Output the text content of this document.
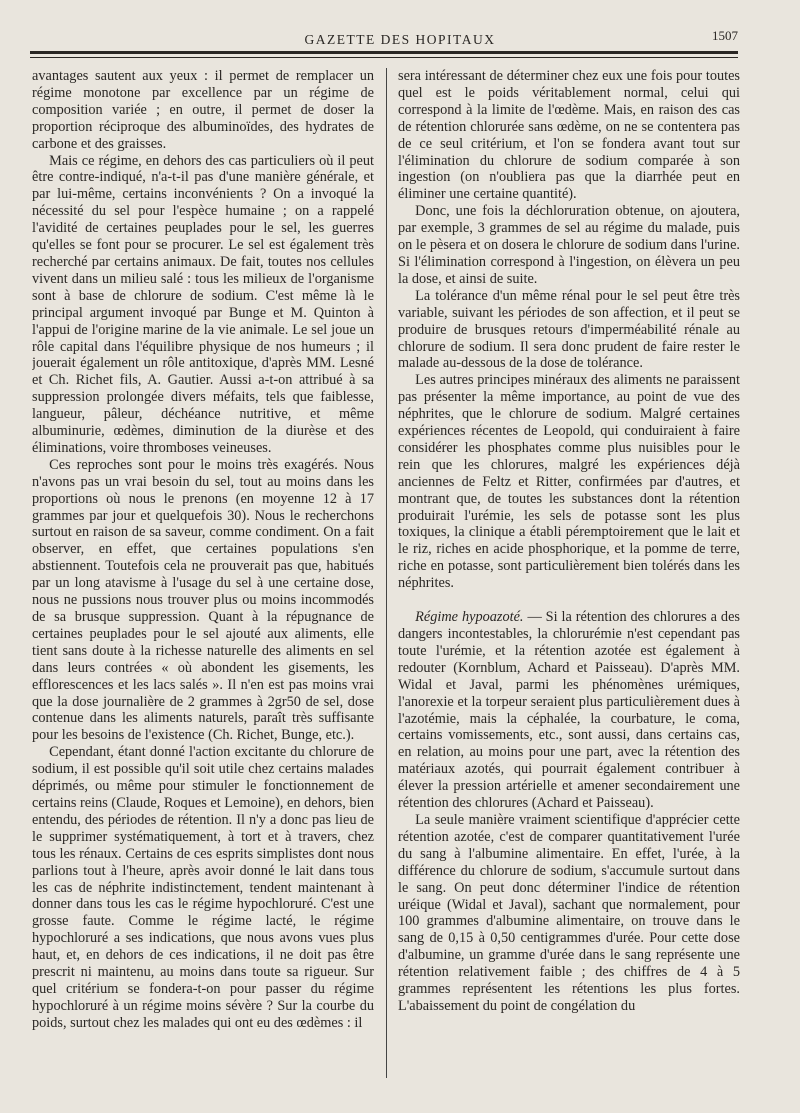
GAZETTE DES HOPITAUX	1507

avantages sautent aux yeux : il permet de remplacer un régime monotone par excellence par un régime de composition variée ; en outre, il permet de doser la proportion réciproque des albuminoïdes, des hydrates de carbone et des graisses.

Mais ce régime, en dehors des cas particuliers où il peut être contre-indiqué, n'a-t-il pas d'une manière générale, et par lui-même, certains inconvénients ? On a invoqué la nécessité du sel pour l'espèce humaine ; on a rappelé l'avidité de certaines peuplades pour le sel, les guerres qu'elles se font pour se procurer. Le sel est également très recherché par certains animaux. De fait, toutes nos cellules vivent dans un milieu salé : tous les milieux de l'organisme sont à base de chlorure de sodium. C'est même là le principal argument invoqué par Bunge et M. Quinton à l'appui de l'origine marine de la vie animale. Le sel joue un rôle capital dans l'équilibre physique de nos humeurs ; il jouerait également un rôle antitoxique, d'après MM. Lesné et Ch. Richet fils, A. Gautier. Aussi a-t-on attribué à sa suppression prolongée divers méfaits, tels que faiblesse, langueur, pâleur, déchéance nutritive, et même albuminurie, œdèmes, diminution de la diurèse et des éliminations, voire thromboses veineuses.

Ces reproches sont pour le moins très exagérés. Nous n'avons pas un vrai besoin du sel, tout au moins dans les proportions où nous le prenons (en moyenne 12 à 17 grammes par jour et quelquefois 30). Nous le recherchons surtout en raison de sa saveur, comme condiment. On a fait observer, en effet, que certaines populations s'en abstiennent. Toutefois cela ne prouverait pas que, habitués par un long atavisme à l'usage du sel à une certaine dose, nous ne pussions nous trouver plus ou moins incommodés de sa brusque suppression. Quant à la répugnance de certaines peuplades pour le sel ajouté aux aliments, elle tient sans doute à la richesse naturelle des aliments en sel dans leurs contrées « où abondent les gisements, les efflorescences et les lacs salés ». Il n'en est pas moins vrai que la dose journalière de 2 grammes à 2gr50 de sel, dose contenue dans les aliments naturels, paraît très suffisante pour les besoins de l'existence (Ch. Richet, Bunge, etc.).

Cependant, étant donné l'action excitante du chlorure de sodium, il est possible qu'il soit utile chez certains malades déprimés, ou même pour stimuler le fonctionnement de certains reins (Claude, Roques et Lemoine), en dehors, bien entendu, des périodes de rétention. Il n'y a donc pas lieu de le supprimer systématiquement, à tort et à travers, chez tous les rénaux. Certains de ces esprits simplistes dont nous parlions tout à l'heure, après avoir donné le lait dans tous les cas de néphrite indistinctement, tendent maintenant à donner dans tous les cas le régime hypochloruré. C'est une grosse faute. Comme le régime lacté, le régime hypochloruré a ses indications, que nous avons vues plus haut, et, en dehors de ces indications, il ne doit pas être prescrit ni maintenu, au moins dans toute sa rigueur. Sur quel critérium se fondera-t-on pour passer du régime hypochloruré à un régime moins sévère ? Sur la courbe du poids, surtout chez les malades qui ont eu des œdèmes : il

sera intéressant de déterminer chez eux une fois pour toutes quel est le poids véritablement normal, celui qui correspond à la limite de l'œdème. Mais, en raison des cas de rétention chlorurée sans œdème, on ne se contentera pas de ce seul critérium, et l'on se fondera avant tout sur l'élimination du chlorure de sodium comparée à son ingestion (on n'oubliera pas que la diarrhée peut en éliminer une certaine quantité).

Donc, une fois la déchloruration obtenue, on ajoutera, par exemple, 3 grammes de sel au régime du malade, puis on le pèsera et on dosera le chlorure de sodium dans l'urine. Si l'élimination correspond à l'ingestion, on élèvera un peu la dose, et ainsi de suite.

La tolérance d'un même rénal pour le sel peut être très variable, suivant les périodes de son affection, et il peut se produire de brusques retours d'imperméabilité rénale au chlorure de sodium. Il sera donc prudent de faire rester le malade au-dessous de la dose de tolérance.

Les autres principes minéraux des aliments ne paraissent pas présenter la même importance, au point de vue des néphrites, que le chlorure de sodium. Malgré certaines expériences récentes de Leopold, qui conduiraient à faire considérer les phosphates comme plus nuisibles pour le rein que les chlorures, malgré les expériences déjà anciennes de Feltz et Ritter, confirmées par d'autres, et montrant que, de toutes les substances dont la rétention produirait l'urémie, les sels de potasse sont les plus toxiques, la clinique a établi péremptoirement que le lait et le riz, riches en acide phosphorique, et la pomme de terre, riche en potasse, sont particulièrement bien tolérés dans les néphrites.

Régime hypoazoté. — Si la rétention des chlorures a des dangers incontestables, la chlorurémie n'est cependant pas toute l'urémie, et la rétention azotée est également à redouter (Kornblum, Achard et Paisseau). D'après MM. Widal et Javal, parmi les phénomènes urémiques, l'anorexie et la torpeur seraient plus particulièrement dues à l'azotémie, mais la céphalée, la courbature, le coma, certains vomissements, etc., sont aussi, dans certains cas, en relation, au moins pour une part, avec la rétention des matériaux azotés, qui pourrait également contribuer à élever la pression artérielle et amener secondairement une rétention des chlorures (Achard et Paisseau).

La seule manière vraiment scientifique d'apprécier cette rétention azotée, c'est de comparer quantitativement l'urée du sang à l'albumine alimentaire. En effet, l'urée, à la différence du chlorure de sodium, s'accumule surtout dans le sang. On peut donc déterminer l'indice de rétention uréique (Widal et Javal), sachant que normalement, pour 100 grammes d'albumine alimentaire, on trouve dans le sang de 0,15 à 0,50 centigrammes d'urée. Pour cette dose d'albumine, un gramme d'urée dans le sang représente une rétention relativement faible ; des chiffres de 4 à 5 grammes représentent les rétentions les plus fortes. L'abaissement du point de congélation du
